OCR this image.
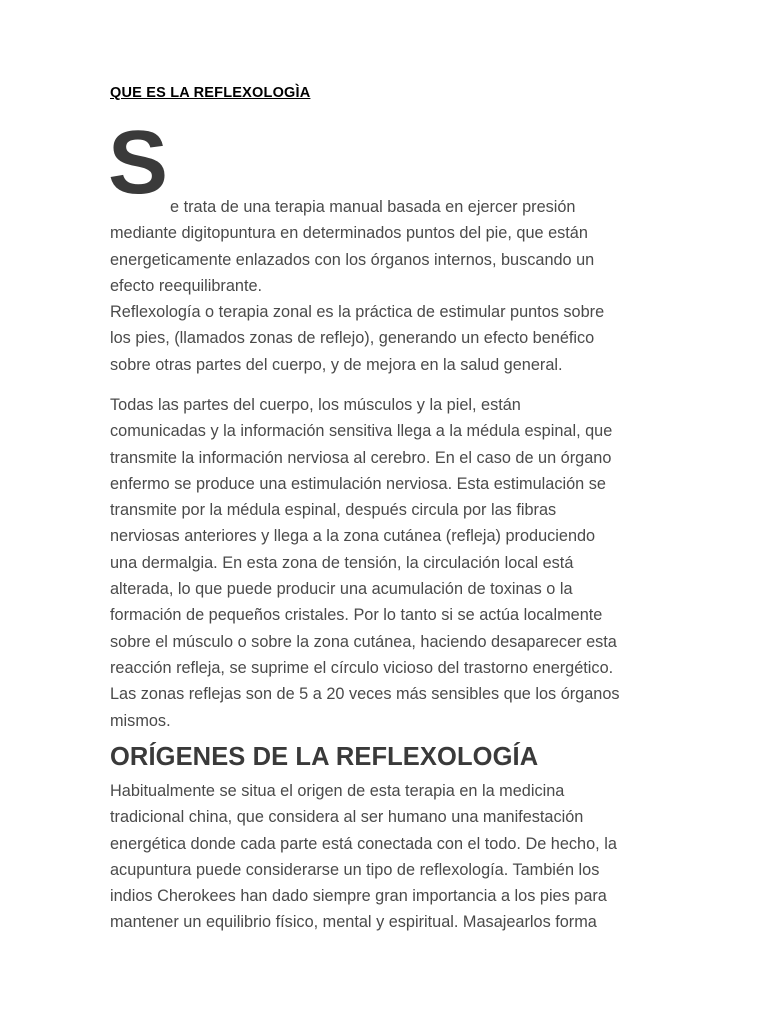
QUE ES LA REFLEXOLOGÌA
S e trata de una terapia manual basada en ejercer presión
mediante digitopuntura en determinados puntos del pie, que están
energeticamente enlazados con los órganos internos, buscando un
efecto reequilibrante.
Reflexología o terapia zonal es la práctica de estimular puntos sobre
los pies, (llamados zonas de reflejo), generando un efecto benéfico
sobre otras partes del cuerpo, y de mejora en la salud general.
Todas las partes del cuerpo, los músculos y la piel, están
comunicadas y la información sensitiva llega a la médula espinal, que
transmite la información nerviosa al cerebro. En el caso de un órgano
enfermo se produce una estimulación nerviosa. Esta estimulación se
transmite por la médula espinal, después circula por las fibras
nerviosas anteriores y llega a la zona cutánea (refleja) produciendo
una dermalgia. En esta zona de tensión, la circulación local está
alterada, lo que puede producir una acumulación de toxinas o la
formación de pequeños cristales. Por lo tanto si se actúa localmente
sobre el músculo o sobre la zona cutánea, haciendo desaparecer esta
reacción refleja, se suprime el círculo vicioso del trastorno energético.
Las zonas reflejas son de 5 a 20 veces más sensibles que los órganos
mismos.
ORÍGENES DE LA REFLEXOLOGÍA
Habitualmente se situa el origen de esta terapia en la medicina
tradicional china, que considera al ser humano una manifestación
energética donde cada parte está conectada con el todo. De hecho, la
acupuntura puede considerarse un tipo de reflexología. También los
indios Cherokees han dado siempre gran importancia a los pies para
mantener un equilibrio físico, mental y espiritual. Masajearlos forma
